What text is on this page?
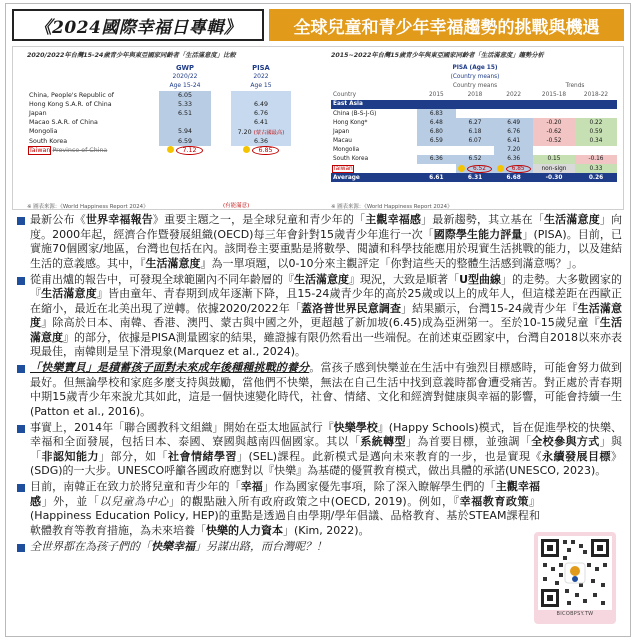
《2024國際幸福日專輯》	全球兒童和青少年幸福趨勢的挑戰與機遇
2020/2022年台灣15-24歲青少年與東亞國家同齡者「生活滿意度」比較
	GWP		PISA	
	2020/22		2022	
	Age 15-24		Age 15	
China, People's Republic of	6.05			
Hong Kong S.A.R. of China	5.33		6.49	
Japan	6.51		6.76	
Macao S.A.R. of China			6.41	
Mongolia	5.94		7.20 (蒙古國最高)	
South Korea	6.59		6.36	
Taiwan Province of China	7.12		6.85	
(有能滿意)
※ 圖表來源：《World Happiness Report 2024》
2015~2022年台灣15歲青少年與東亞國家同齡者「生活滿意度」趨勢分析
	PISA (Age 15)				
	(Country means)				
	Country means			Trends	
Country	2015	2018	2022	2015-18	2018-22
East Asia					
China (B-S-J-G)	6.83				
Hong Kong*	6.48	6.27	6.49	-0.20	0.22
Japan	6.80	6.18	6.76	-0.62	0.59
Macau	6.59	6.07	6.41	-0.52	0.34
Mongolia			7.20		
South Korea	6.36	6.52	6.36	0.15	-0.16
Taiwan		6.52	6.85	non-sign	0.33
Average	6.61	6.31	6.68	-0.30	0.26
※ 圖表來源：《World Happiness Report 2024》
最新公布《世界幸福報告》重要主題之一，是全球兒童和青少年的「主觀幸福感」最新趨勢，其立基在「生活滿意度」向度。2000年起，經濟合作暨發展組織(OECD)每三年會針對15歲青少年進行一次「國際學生能力評量」(PISA)。目前，已實施70個國家/地區，台灣也包括在內。該問卷主要重點是將數學、閱讀和科學技能應用於現實生活挑戰的能力，以及建結生活的意義感。其中，『生活滿意度』為一單項題，以0-10分來主觀評定「你對這些天的整體生活感到滿意嗎？」。
從甫出爐的報告中，可發現全球範圍內不同年齡層的『生活滿意度』現況，大致是順著「U型曲線」的走勢。大多數國家的『生活滿意度』皆由童年、青春期到成年逐漸下降，且15-24歲青少年的高於25歲或以上的成年人，但這樣差距在西歐正在縮小，最近在北美出現了逆轉。依據2020/2022年「蓋洛普世界民意調查」結果顯示，台灣15-24歲青少年『生活滿意度』除高於日本、南韓、香港、澳門、蒙古與中國之外，更超越了新加坡(6.45)成為亞洲第一。至於10-15歲兒童『生活滿意度』的部分，依據是PISA測量國家的結果，雖證據有限仍然看出一些端倪。在前述東亞國家中，台灣自2018以來亦表現最佳，南韓則是呈下滑現象(Marquez et al., 2024)。
「快樂寶貝」是積蓄孩子面對未來成年後種種挑戰的養分。當孩子感到快樂並在生活中有強烈目標感時，可能會努力做到最好。但無論學校和家庭多麼支持與鼓勵，當他們不快樂，無法在自己生活中找到意義時都會遭受痛苦。對正處於青春期中期15歲青少年來說尤其如此，這是一個快速變化時代，社會、情緒、文化和經濟對健康與幸福的影響，可能會持續一生(Patton et al., 2016)。
事實上，2014年「聯合國教科文組織」開始在亞太地區試行『快樂學校』(Happy Schools)模式，旨在促進學校的快樂、幸福和全面發展，包括日本、泰國、寮國與越南四個國家。其以「系統轉型」為首要目標，並強調「全校參與方式」與「非認知能力」部分，如「社會情緒學習」(SEL)課程。此新模式是邁向未來教育的一步，也是實現《永續發展目標》(SDG)的一大步。UNESCO呼籲各國政府應對以『快樂』為基礎的優質教育模式，做出具體的承諾(UNESCO, 2023)。
目前，南韓正在致力於將兒童和青少年的「幸福」作為國家優先事項，除了深入瞭解學生們的「主觀幸福感」外，並「以兒童為中心」的觀點融入所有政府政策之中(OECD, 2019)。例如，『幸福教育政策』(Happiness Education Policy, HEP)的重點是透過自由學期/學年倡議、品格教育、基於STEAM課程和軟體教育等教育措施，為未來培養「快樂的人力資本」(Kim, 2022)。
全世界都在為孩子們的「快樂幸福」另謀出路，而台灣呢？！
BICOBPSY.TW
